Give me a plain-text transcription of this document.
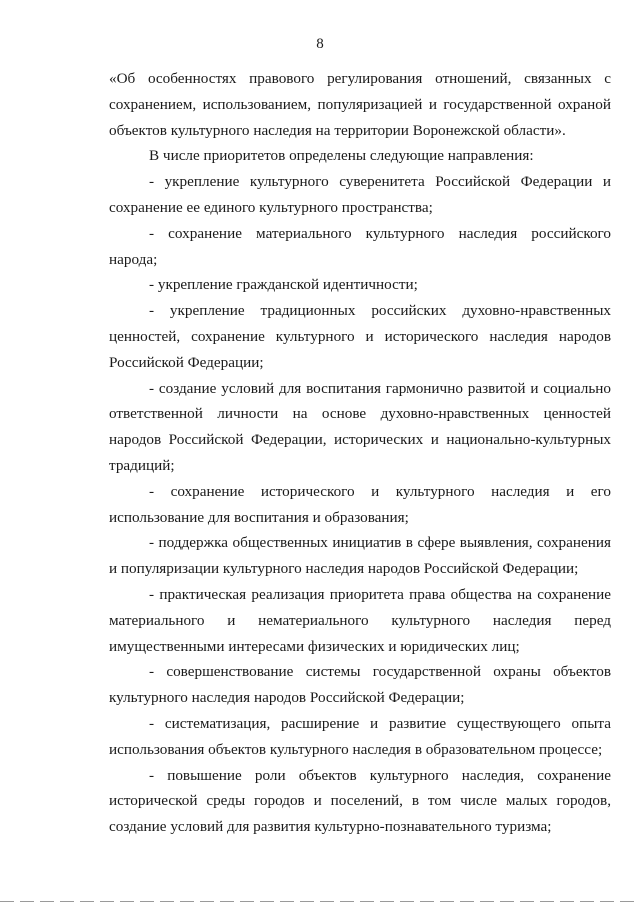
8

«Об особенностях правового регулирования отношений, связанных с сохранением, использованием, популяризацией и государственной охраной объектов культурного наследия на территории Воронежской области».

В числе приоритетов определены следующие направления:

- укрепление культурного суверенитета Российской Федерации и сохранение ее единого культурного пространства;

- сохранение материального культурного наследия российского народа;

- укрепление гражданской идентичности;

- укрепление традиционных российских духовно-нравственных ценностей, сохранение культурного и исторического наследия народов Российской Федерации;

- создание условий для воспитания гармонично развитой и социально ответственной личности на основе духовно-нравственных ценностей народов Российской Федерации, исторических и национально-культурных традиций;

- сохранение исторического и культурного наследия и его использование для воспитания и образования;

- поддержка общественных инициатив в сфере выявления, сохранения и популяризации культурного наследия народов Российской Федерации;

- практическая реализация приоритета права общества на сохранение материального и нематериального культурного наследия перед имущественными интересами физических и юридических лиц;

- совершенствование системы государственной охраны объектов культурного наследия народов Российской Федерации;

- систематизация, расширение и развитие существующего опыта использования объектов культурного наследия в образовательном процессе;

- повышение роли объектов культурного наследия, сохранение исторической среды городов и поселений, в том числе малых городов, создание условий для развития культурно-познавательного туризма;
